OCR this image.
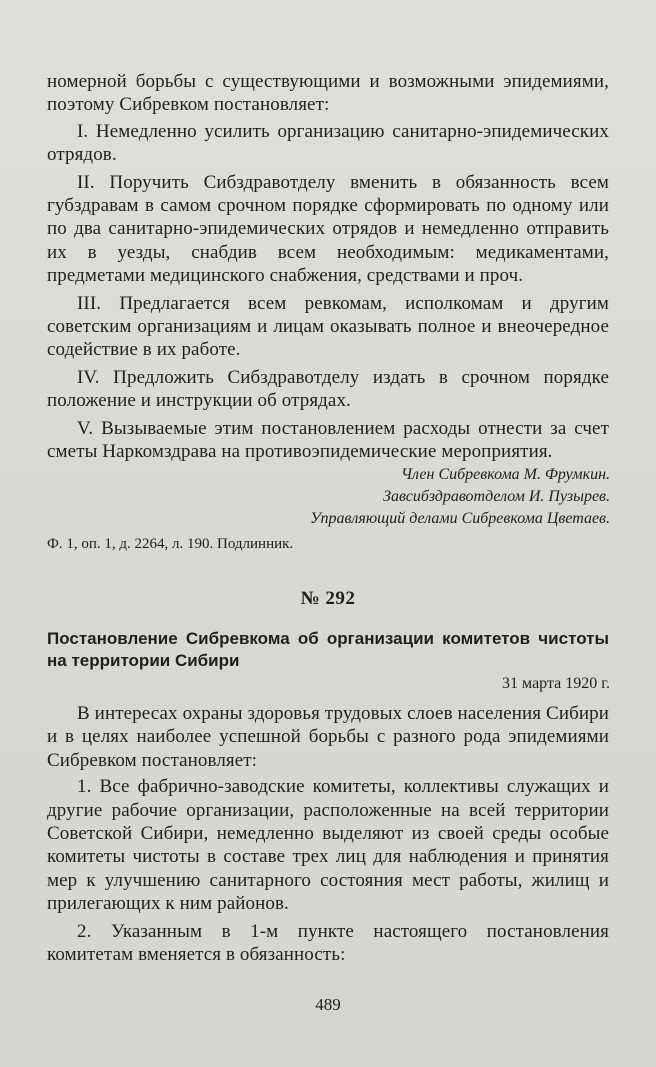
номерной борьбы с существующими и возможными эпидемиями, поэтому Сибревком постановляет:

I. Немедленно усилить организацию санитарно-эпидемических отрядов.

II. Поручить Сибздравотделу вменить в обязанность всем губздравам в самом срочном порядке сформировать по одному или по два санитарно-эпидемических отрядов и немедленно отправить их в уезды, снабдив всем необходимым: медикаментами, предметами медицинского снабжения, средствами и проч.

III. Предлагается всем ревкомам, исполкомам и другим советским организациям и лицам оказывать полное и внеочередное содействие в их работе.

IV. Предложить Сибздравотделу издать в срочном порядке положение и инструкции об отрядах.

V. Вызываемые этим постановлением расходы отнести за счет сметы Наркомздрава на противоэпидемические мероприятия.

Член Сибревкома М. Фрумкин.
Завсибздравотделом И. Пузырев.
Управляющий делами Сибревкома Цветаев.
Ф. 1, оп. 1, д. 2264, л. 190. Подлинник.
№ 292
Постановление Сибревкома об организации комитетов чистоты на территории Сибири
31 марта 1920 г.

В интересах охраны здоровья трудовых слоев населения Сибири и в целях наиболее успешной борьбы с разного рода эпидемиями Сибревком постановляет:

1. Все фабрично-заводские комитеты, коллективы служащих и другие рабочие организации, расположенные на всей территории Советской Сибири, немедленно выделяют из своей среды особые комитеты чистоты в составе трех лиц для наблюдения и принятия мер к улучшению санитарного состояния мест работы, жилищ и прилегающих к ним районов.

2. Указанным в 1-м пункте настоящего постановления комитетам вменяется в обязанность:

489
